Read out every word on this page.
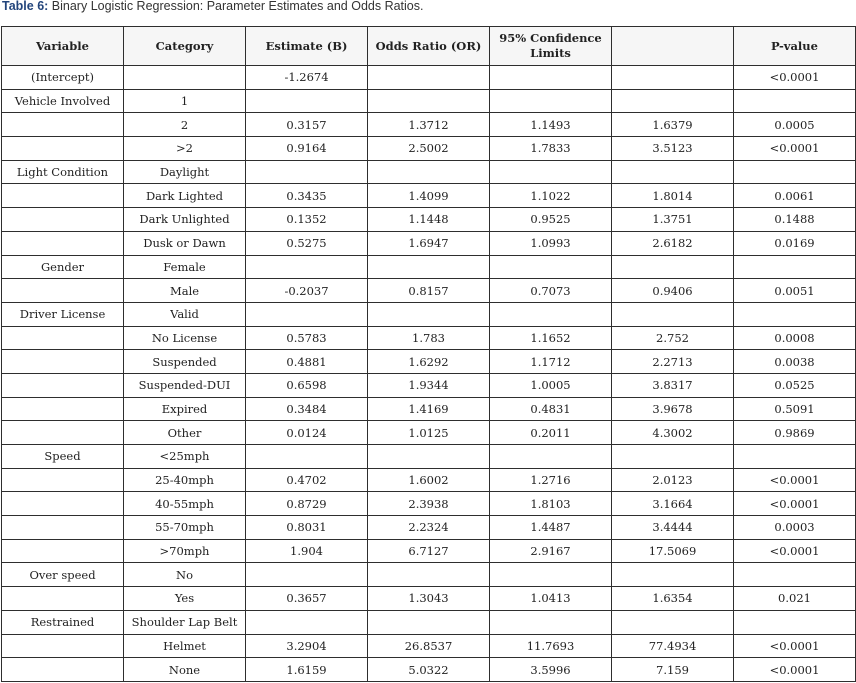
Table 6: Binary Logistic Regression: Parameter Estimates and Odds Ratios.
Variable	Category	Estimate (B)	Odds Ratio (OR)	95% Confidence Limits		P-value
(Intercept)		-1.2674				<0.0001
Vehicle Involved	1					
	2	0.3157	1.3712	1.1493	1.6379	0.0005
	>2	0.9164	2.5002	1.7833	3.5123	<0.0001
Light Condition	Daylight					
	Dark Lighted	0.3435	1.4099	1.1022	1.8014	0.0061
	Dark Unlighted	0.1352	1.1448	0.9525	1.3751	0.1488
	Dusk or Dawn	0.5275	1.6947	1.0993	2.6182	0.0169
Gender	Female					
	Male	-0.2037	0.8157	0.7073	0.9406	0.0051
Driver License	Valid					
	No License	0.5783	1.783	1.1652	2.752	0.0008
	Suspended	0.4881	1.6292	1.1712	2.2713	0.0038
	Suspended-DUI	0.6598	1.9344	1.0005	3.8317	0.0525
	Expired	0.3484	1.4169	0.4831	3.9678	0.5091
	Other	0.0124	1.0125	0.2011	4.3002	0.9869
Speed	<25mph					
	25-40mph	0.4702	1.6002	1.2716	2.0123	<0.0001
	40-55mph	0.8729	2.3938	1.8103	3.1664	<0.0001
	55-70mph	0.8031	2.2324	1.4487	3.4444	0.0003
	>70mph	1.904	6.7127	2.9167	17.5069	<0.0001
Over speed	No					
	Yes	0.3657	1.3043	1.0413	1.6354	0.021
Restrained	Shoulder Lap Belt					
	Helmet	3.2904	26.8537	11.7693	77.4934	<0.0001
	None	1.6159	5.0322	3.5996	7.159	<0.0001
